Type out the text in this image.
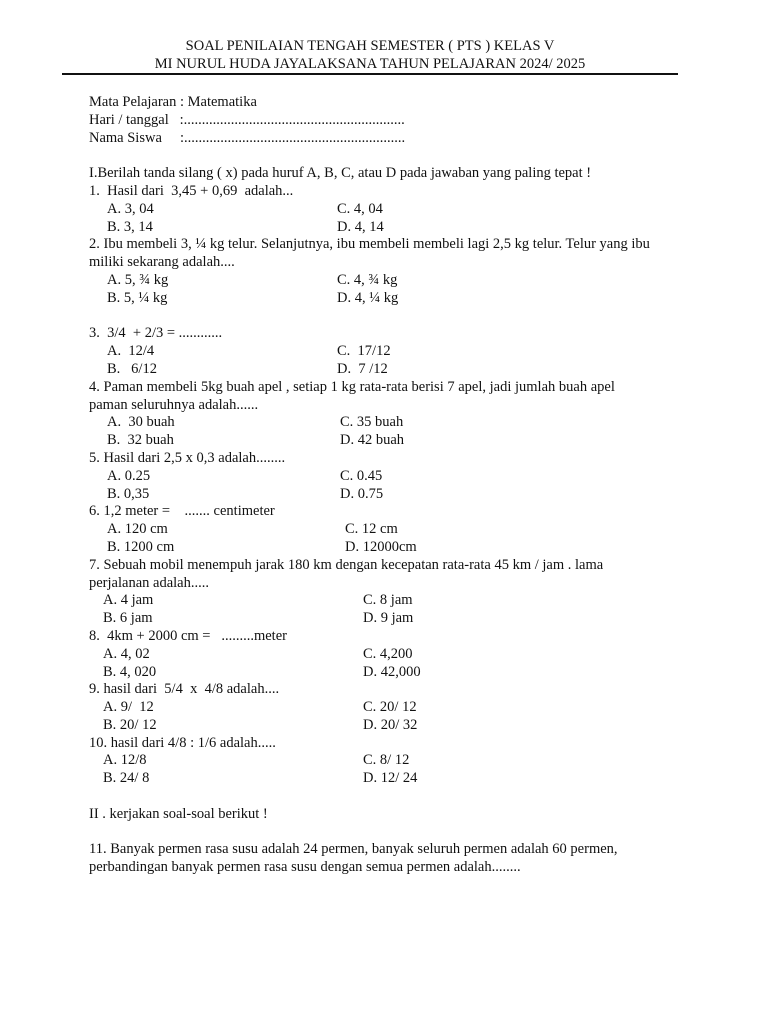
SOAL PENILAIAN TENGAH SEMESTER ( PTS ) KELAS V
MI NURUL HUDA JAYALAKSANA TAHUN PELAJARAN 2024/ 2025
Mata Pelajaran : Matematika
Hari / tanggal   :.............................................................
Nama Siswa     :.............................................................
I.Berilah tanda silang ( x) pada huruf A, B, C, atau D pada jawaban yang paling tepat !
1.  Hasil dari  3,45 + 0,69  adalah...
A. 3, 04	C. 4, 04
B. 3, 14	D. 4, 14
2. Ibu membeli 3, ¼ kg telur. Selanjutnya, ibu membeli membeli lagi 2,5 kg telur. Telur yang ibu miliki sekarang adalah....
A. 5, ¾ kg	C. 4, ¾ kg
B. 5, ¼ kg	D. 4, ¼ kg
3.  3/4  + 2/3 = ............
A.  12/4	C.  17/12
B.   6/12	D.  7 /12
4. Paman membeli 5kg buah apel , setiap 1 kg rata-rata berisi 7 apel, jadi jumlah buah apel paman seluruhnya adalah......
A.  30 buah	C. 35 buah
B.  32 buah	D. 42 buah
5. Hasil dari 2,5 x 0,3 adalah........
A. 0.25	C. 0.45
B. 0,35	D. 0.75
6. 1,2 meter =    ....... centimeter
A. 120 cm	C. 12 cm
B. 1200 cm	D. 12000cm
7. Sebuah mobil menempuh jarak 180 km dengan kecepatan rata-rata 45 km / jam . lama perjalanan adalah.....
A. 4 jam	C. 8 jam
B. 6 jam	D. 9 jam
8.  4km + 2000 cm =   .........meter
A. 4, 02	C. 4,200
B. 4, 020	D. 42,000
9. hasil dari  5/4  x  4/8 adalah....
A. 9/  12	C. 20/ 12
B. 20/ 12	D. 20/ 32
10. hasil dari 4/8 : 1/6 adalah.....
A. 12/8	C. 8/ 12
B. 24/ 8	D. 12/ 24
II . kerjakan soal-soal berikut !
11. Banyak permen rasa susu adalah 24 permen, banyak seluruh permen adalah 60 permen, perbandingan banyak permen rasa susu dengan semua permen adalah........
